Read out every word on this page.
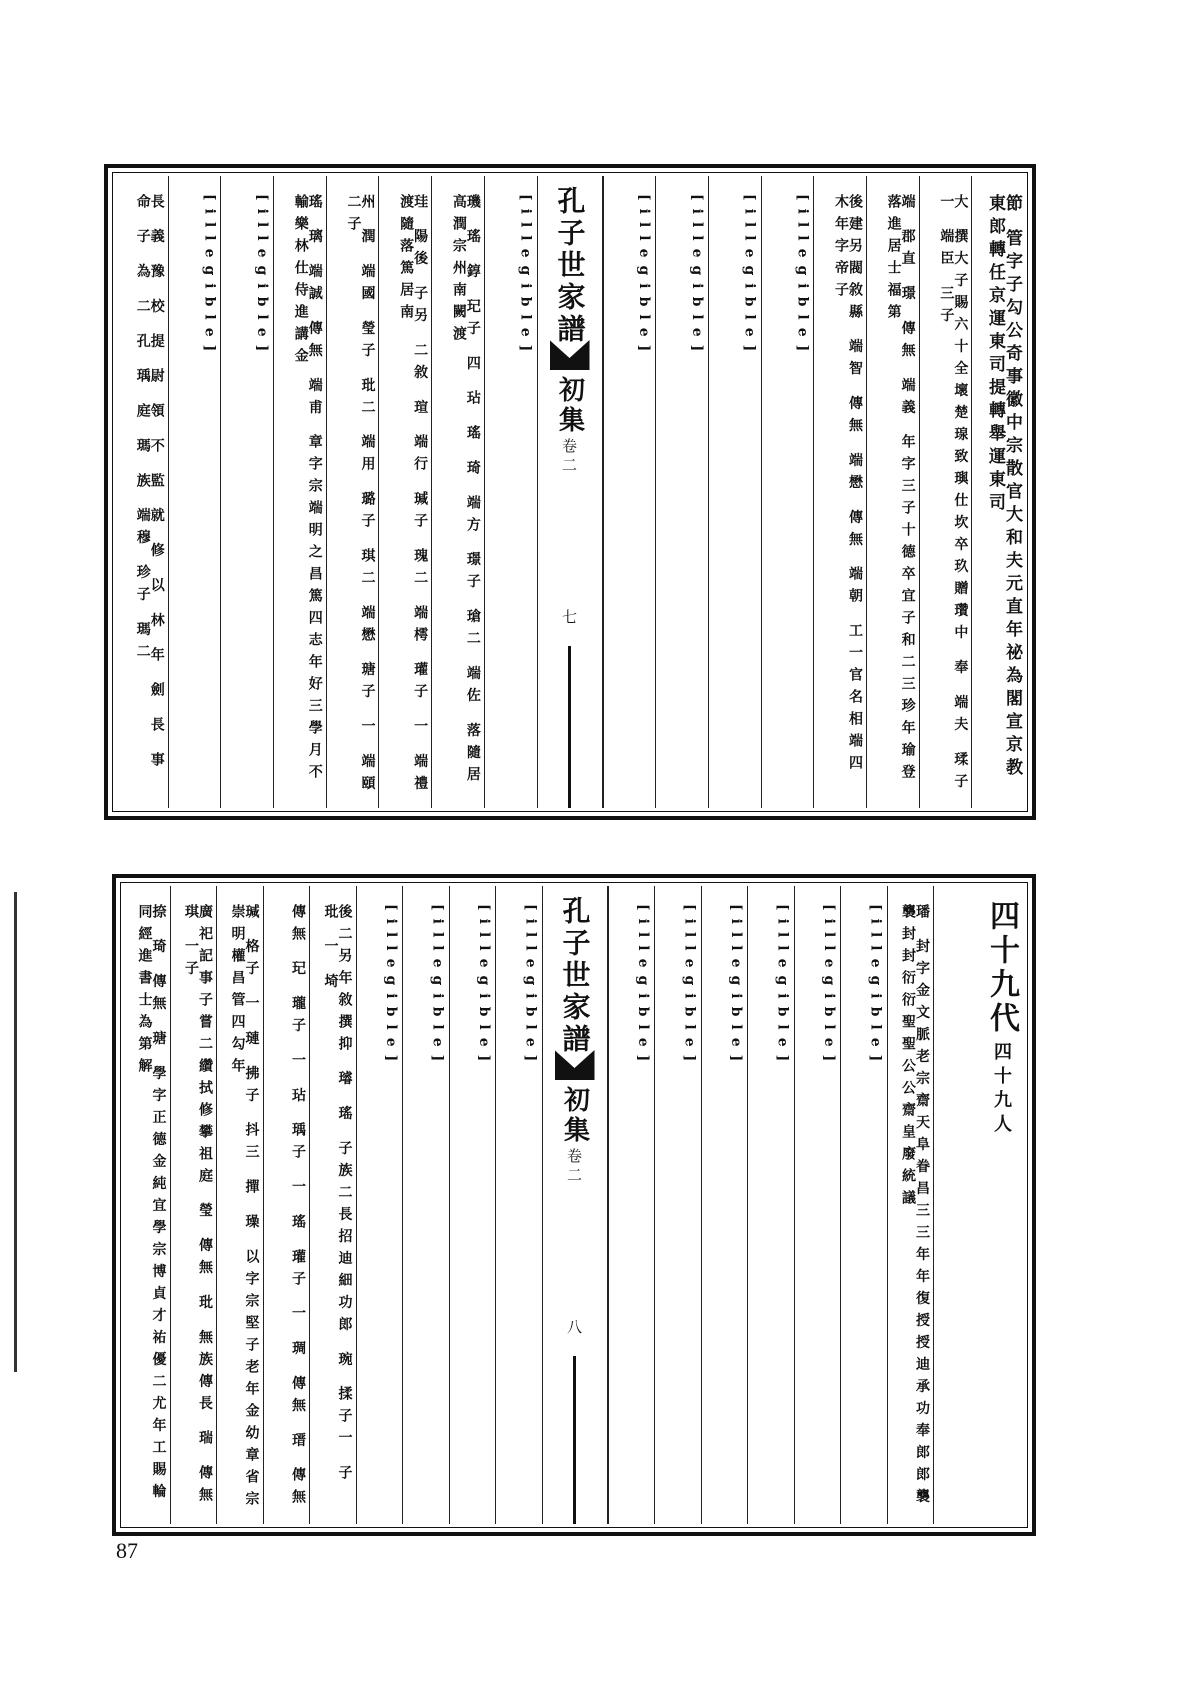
節 管字子勾公奇事徽中宗散官大和夫元直年祕為閣宣京教東郎轉任京運東司提轉舉運東司
大 撰大子賜六十全壞楚瑔致璵仕坎卒玖贈瓚中 奉 端夫 瑈子一 端臣 三子
端 郡直 璟 傳無 端義 年字三子十德卒宜子和二三珍年瑜登落進居士福第
後建另閥敘縣 端智 傳無 端懋 傳無 端朝 工一官名相端四木年字帝子
[illegible]
[illegible]
[illegible]
[illegible]
孔子世家譜
初集
卷二
七
[illegible]
璣 瑤 錞 玘子 四 玷 瑤 琦 端方 璟子 瑲二 端佐 落隨居高潤宗州南闕渡
珪 陽後 子另 二敘 瑄 端行 瑊子 瑰二 端樗 瓘子 一 端禮 渡隨落篤居南
州 潤 端國 瑩子 玭二 端用 璐子 琪二 端懋 瑭子 一 端頤 二子
瑤 璃 端誠 傳無 端甫 章字宗端明之昌篤四志年好三學月不輸樂林仕侍進講金
[illegible]
[illegible]
長 義 豫 校 提 尉 領 不 監 就 修 以 林 年 劍 長 事 命 子 為 二 孔 瑀 庭 瑪 族 端穆 珍子 瑪二
四十九代 四十九人
璠 封字金文脈老宗齋天阜眷昌三三年年復授授迪承功奉郎郎襲襲封封衍衍聖聖公公齋皇廢統議
[illegible]
[illegible]
[illegible]
[illegible]
[illegible]
[illegible]
孔子世家譜
初集
卷二
八
[illegible]
[illegible]
[illegible]
[illegible]
後二另年敘撰抑 璿 瑤 子族二長招迪細功郎 琬 揉子一 子 玭 一 埼
傳無 玘 瓏子 一 玷 瑀子 一 瑤 瓘子 一 琱 傳無 瑨 傳無
瑊 格子 一 璉 拂子 抖三 撣 璪 以字宗堅子老年金幼章省宗崇明權昌管四勾年
廣祀記事子嘗二纘拭修攀祖庭 瑩 傳無 玭 無族傳長 瑞 傳無 琪 一子
捺 琦 傳無 瑭 學字正德金純宜學宗博貞才祐優二尤年工賜輪同經進書士為第解
87
